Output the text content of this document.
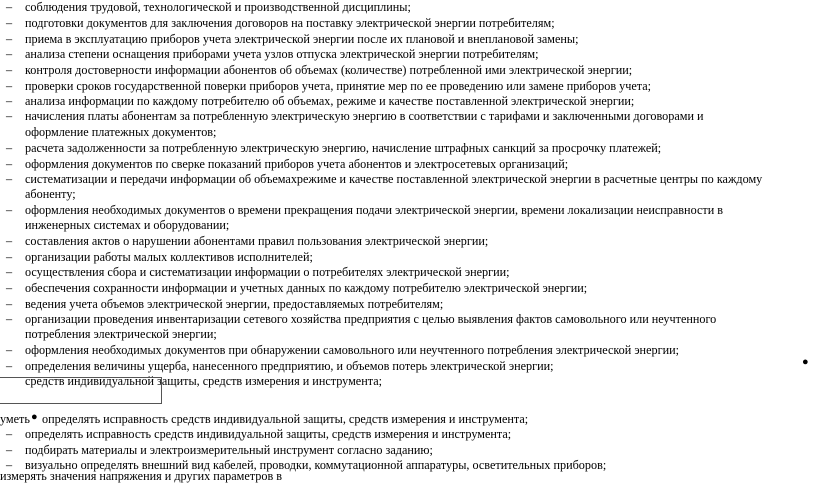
– соблюдения трудовой, технологической и производственной дисциплины;
– подготовки документов для заключения договоров на поставку электрической энергии потребителям;
– приема в эксплуатацию приборов учета электрической энергии после их плановой и внеплановой замены;
– анализа степени оснащения приборами учета узлов отпуска электрической энергии потребителям;
– контроля достоверности информации абонентов об объемах (количестве) потребленной ими электрической энергии;
– проверки сроков государственной поверки приборов учета, принятие мер по ее проведению или замене приборов учета;
– анализа информации по каждому потребителю об объемах, режиме и качестве поставленной электрической энергии;
– начисления платы абонентам за потребленную электрическую энергию в соответствии с тарифами и заключенными договорами и
оформление платежных документов;
– расчета задолженности за потребленную электрическую энергию, начисление штрафных санкций за просрочку платежей;
– оформления документов по сверке показаний приборов учета абонентов и электросетевых организаций;
– систематизации и передачи информации об объемахрежиме и качестве поставленной электрической энергии в расчетные центры по каждому
абоненту;
– оформления необходимых документов о времени прекращения подачи электрической энергии, времени локализации неисправности в
инженерных системах и оборудовании;
– составления актов о нарушении абонентами правил пользования электрической энергии;
– организации работы малых коллективов исполнителей;
– осуществления сбора и систематизации информации о потребителях электрической энергии;
– обеспечения сохранности информации и учетных данных по каждому потребителю электрической энергии;
– ведения учета объемов электрической энергии, предоставляемых потребителям;
– организации проведения инвентаризации сетевого хозяйства предприятия с целью выявления фактов самовольного или неучтенного
потребления электрической энергии;
– оформления необходимых документов при обнаружении самовольного или неучтенного потребления электрической энергии;
– определения величины ущерба, нанесенного предприятию, и объемов потерь электрической энергии;	●
средств индивидуальной защиты, средств измерения и инструмента;
уметь ● определять исправность средств индивидуальной защиты, средств измерения и инструмента;
– определять исправность средств индивидуальной защиты, средств измерения и инструмента;
– подбирать материалы и электроизмерительный инструмент согласно заданию;
– визуально определять внешний вид кабелей, проводки, коммутационной аппаратуры, осветительных приборов;
измерять значения напряжения и других параметров в
